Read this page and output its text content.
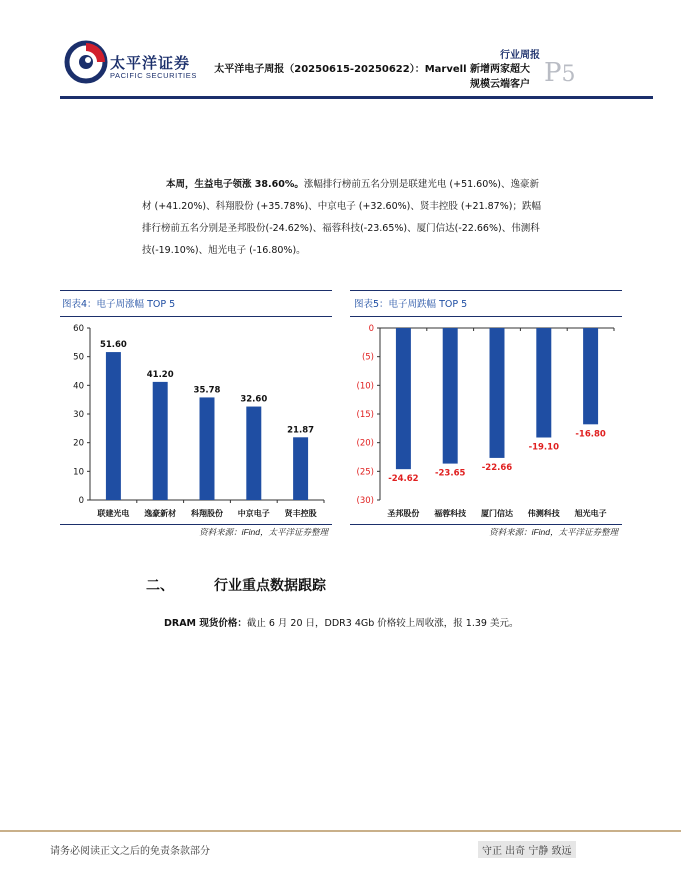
太平洋证券
PACIFIC SECURITIES
行业周报
太平洋电子周报（20250615-20250622）：Marvell 新增两家超大
规模云端客户 P5
本周，生益电子领涨 38.60%。涨幅排行榜前五名分别是联建光电 (+51.60%)、逸豪新材 (+41.20%)、科翔股份 (+35.78%)、中京电子 (+32.60%)、贤丰控股 (+21.87%)；跌幅排行榜前五名分别是圣邦股份(-24.62%)、福蓉科技(-23.65%)、厦门信达(-22.66%)、伟测科技(-19.10%)、旭光电子 (-16.80%)。
图表4：电子周涨幅 TOP 5
0
10
20
30
40
50
60
51.60
联建光电
41.20
逸豪新材
35.78
科翔股份
32.60
中京电子
21.87
贤丰控股
资料来源：iFind，太平洋证券整理
图表5：电子周跌幅 TOP 5
0
(5)
(10)
(15)
(20)
(25)
(30)
-24.62
圣邦股份
-23.65
福蓉科技
-22.66
厦门信达
-19.10
伟测科技
-16.80
旭光电子
资料来源：iFind，太平洋证券整理
二、	行业重点数据跟踪
DRAM 现货价格：截止 6 月 20 日，DDR3 4Gb 价格较上周收涨，报 1.39 美元。
请务必阅读正文之后的免责条款部分	守正 出奇 宁静 致远
